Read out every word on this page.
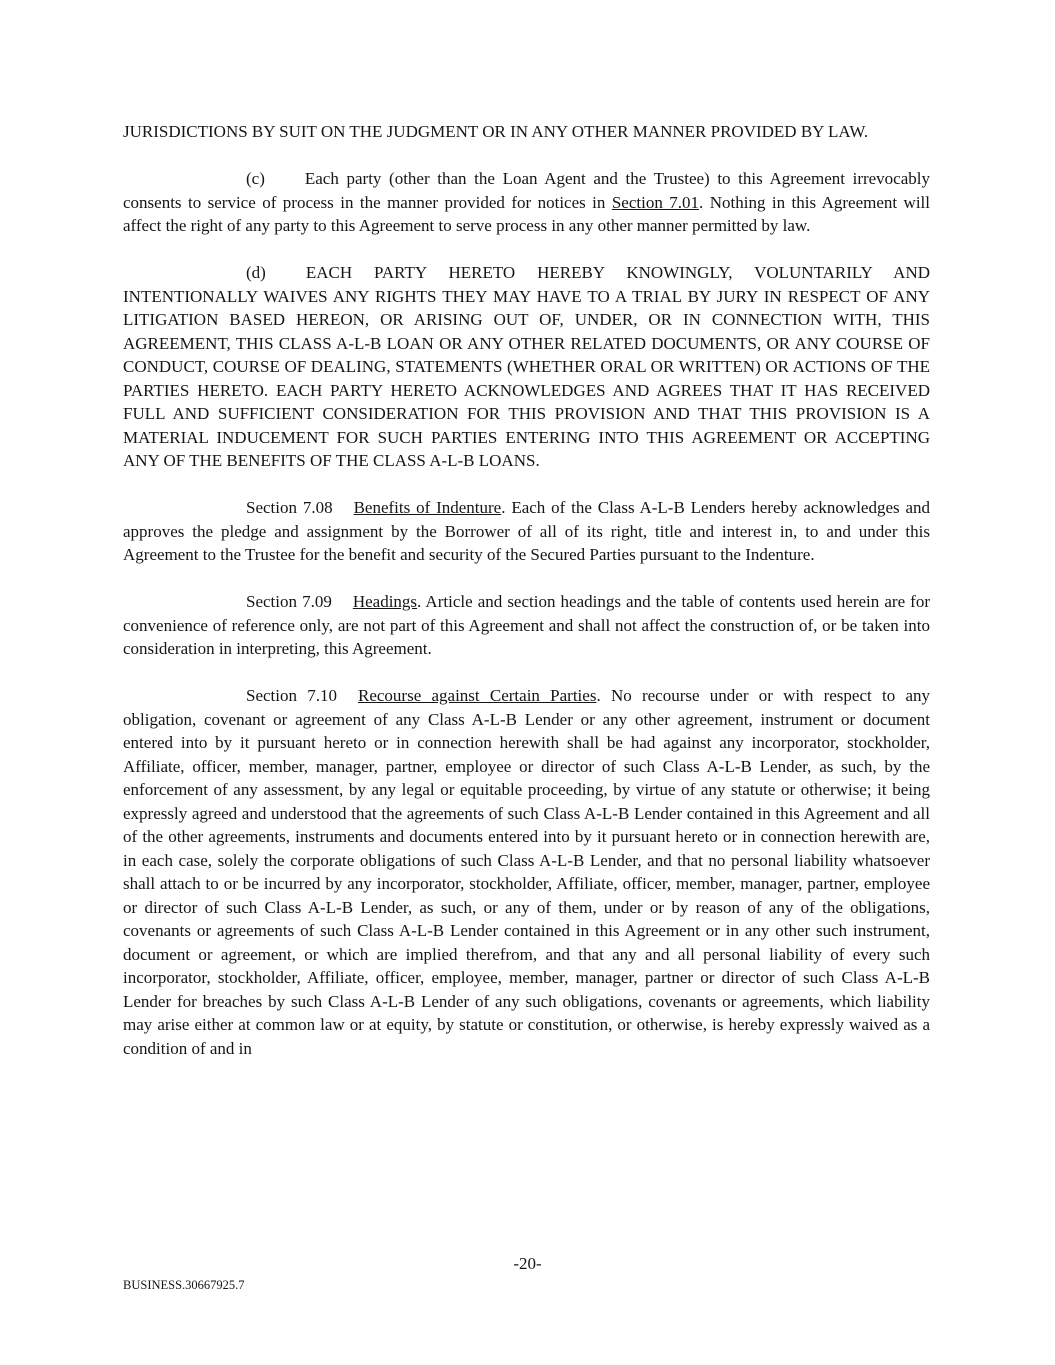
JURISDICTIONS BY SUIT ON THE JUDGMENT OR IN ANY OTHER MANNER PROVIDED BY LAW.

(c) Each party (other than the Loan Agent and the Trustee) to this Agreement irrevocably consents to service of process in the manner provided for notices in Section 7.01. Nothing in this Agreement will affect the right of any party to this Agreement to serve process in any other manner permitted by law.

(d) EACH PARTY HERETO HEREBY KNOWINGLY, VOLUNTARILY AND INTENTIONALLY WAIVES ANY RIGHTS THEY MAY HAVE TO A TRIAL BY JURY IN RESPECT OF ANY LITIGATION BASED HEREON, OR ARISING OUT OF, UNDER, OR IN CONNECTION WITH, THIS AGREEMENT, THIS CLASS A-L-B LOAN OR ANY OTHER RELATED DOCUMENTS, OR ANY COURSE OF CONDUCT, COURSE OF DEALING, STATEMENTS (WHETHER ORAL OR WRITTEN) OR ACTIONS OF THE PARTIES HERETO. EACH PARTY HERETO ACKNOWLEDGES AND AGREES THAT IT HAS RECEIVED FULL AND SUFFICIENT CONSIDERATION FOR THIS PROVISION AND THAT THIS PROVISION IS A MATERIAL INDUCEMENT FOR SUCH PARTIES ENTERING INTO THIS AGREEMENT OR ACCEPTING ANY OF THE BENEFITS OF THE CLASS A-L-B LOANS.

Section 7.08 Benefits of Indenture. Each of the Class A-L-B Lenders hereby acknowledges and approves the pledge and assignment by the Borrower of all of its right, title and interest in, to and under this Agreement to the Trustee for the benefit and security of the Secured Parties pursuant to the Indenture.

Section 7.09 Headings. Article and section headings and the table of contents used herein are for convenience of reference only, are not part of this Agreement and shall not affect the construction of, or be taken into consideration in interpreting, this Agreement.

Section 7.10 Recourse against Certain Parties. No recourse under or with respect to any obligation, covenant or agreement of any Class A-L-B Lender or any other agreement, instrument or document entered into by it pursuant hereto or in connection herewith shall be had against any incorporator, stockholder, Affiliate, officer, member, manager, partner, employee or director of such Class A-L-B Lender, as such, by the enforcement of any assessment, by any legal or equitable proceeding, by virtue of any statute or otherwise; it being expressly agreed and understood that the agreements of such Class A-L-B Lender contained in this Agreement and all of the other agreements, instruments and documents entered into by it pursuant hereto or in connection herewith are, in each case, solely the corporate obligations of such Class A-L-B Lender, and that no personal liability whatsoever shall attach to or be incurred by any incorporator, stockholder, Affiliate, officer, member, manager, partner, employee or director of such Class A-L-B Lender, as such, or any of them, under or by reason of any of the obligations, covenants or agreements of such Class A-L-B Lender contained in this Agreement or in any other such instrument, document or agreement, or which are implied therefrom, and that any and all personal liability of every such incorporator, stockholder, Affiliate, officer, employee, member, manager, partner or director of such Class A-L-B Lender for breaches by such Class A-L-B Lender of any such obligations, covenants or agreements, which liability may arise either at common law or at equity, by statute or constitution, or otherwise, is hereby expressly waived as a condition of and in

-20-
BUSINESS.30667925.7
